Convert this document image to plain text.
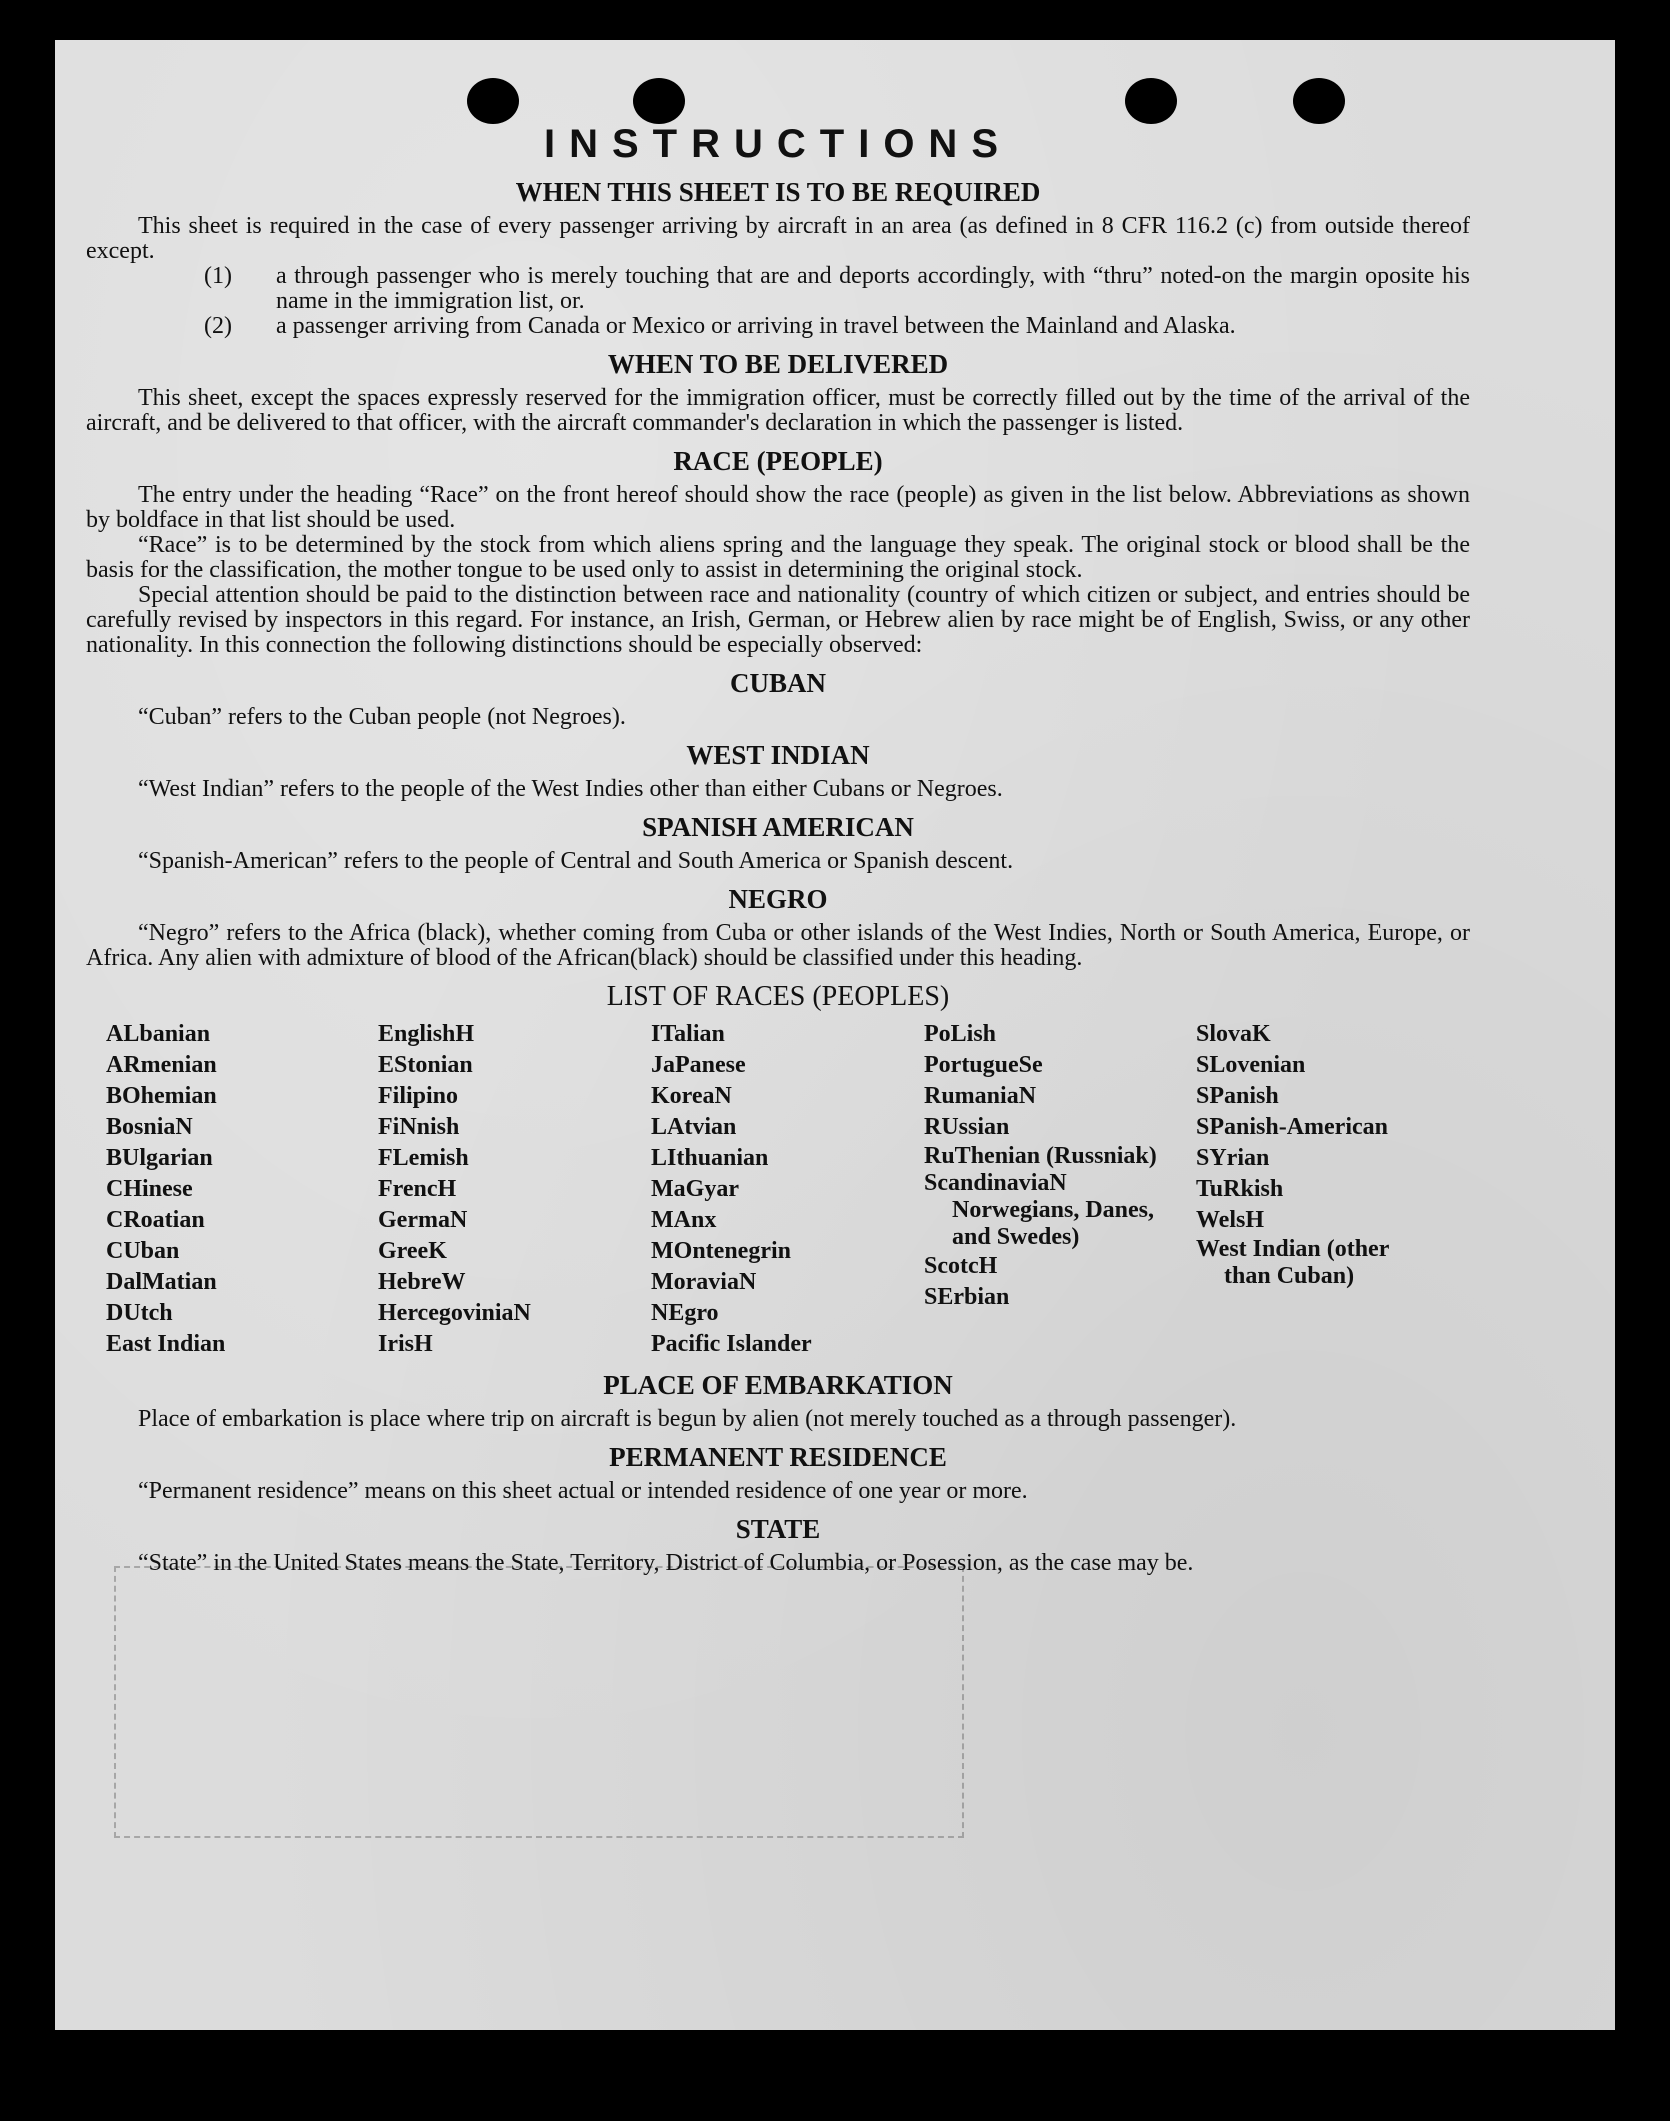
INSTRUCTIONS
WHEN THIS SHEET IS TO BE REQUIRED

This sheet is required in the case of every passenger arriving by aircraft in an area (as defined in 8 CFR 116.2 (c) from outside thereof except.

(1)	a through passenger who is merely touching that are and deports accordingly, with “thru” noted-on the margin oposite his name in the immigration list, or.
(2)	a passenger arriving from Canada or Mexico or arriving in travel between the Mainland and Alaska.
WHEN TO BE DELIVERED

This sheet, except the spaces expressly reserved for the immigration officer, must be correctly filled out by the time of the arrival of the aircraft, and be delivered to that officer, with the aircraft commander's declaration in which the passenger is listed.

RACE (PEOPLE)

The entry under the heading “Race” on the front hereof should show the race (people) as given in the list below. Abbreviations as shown by boldface in that list should be used.

“Race” is to be determined by the stock from which aliens spring and the language they speak. The original stock or blood shall be the basis for the classification, the mother tongue to be used only to assist in determining the original stock.

Special attention should be paid to the distinction between race and nationality (country of which citizen or subject, and entries should be carefully revised by inspectors in this regard. For instance, an Irish, German, or Hebrew alien by race might be of English, Swiss, or any other nationality. In this connection the following distinctions should be especially observed:

CUBAN

“Cuban” refers to the Cuban people (not Negroes).

WEST INDIAN

“West Indian” refers to the people of the West Indies other than either Cubans or Negroes.

SPANISH AMERICAN

“Spanish-American” refers to the people of Central and South America or Spanish descent.

NEGRO

“Negro” refers to the Africa (black), whether coming from Cuba or other islands of the West Indies, North or South America, Europe, or Africa. Any alien with admixture of blood of the African(black) should be classified under this heading.

LIST OF RACES (PEOPLES)
ALbanian
ARmenian
BOhemian
BosniaN
BUlgarian
CHinese
CRoatian
CUban
DalMatian
DUtch
East Indian
EnglishH
EStonian
Filipino
FiNnish
FLemish
FrencH
GermaN
GreeK
HebreW
HercegoviniaN
IrisH
ITalian
JaPanese
KoreaN
LAtvian
LIthuanian
MaGyar
MAnx
MOntenegrin
MoraviaN
NEgro
Pacific Islander
PoLish
PortugueSe
RumaniaN
RUssian
RuThenian (Russniak)
ScandinaviaN Norwegians, Danes, and Swedes)
ScotcH
SErbian
SlovaK
SLovenian
SPanish
SPanish-American
SYrian
TuRkish
WelsH
West Indian (other than Cuban)
PLACE OF EMBARKATION

Place of embarkation is place where trip on aircraft is begun by alien (not merely touched as a through passenger).

PERMANENT RESIDENCE

“Permanent residence” means on this sheet actual or intended residence of one year or more.

STATE

“State” in the United States means the State, Territory, District of Columbia, or Posession, as the case may be.
